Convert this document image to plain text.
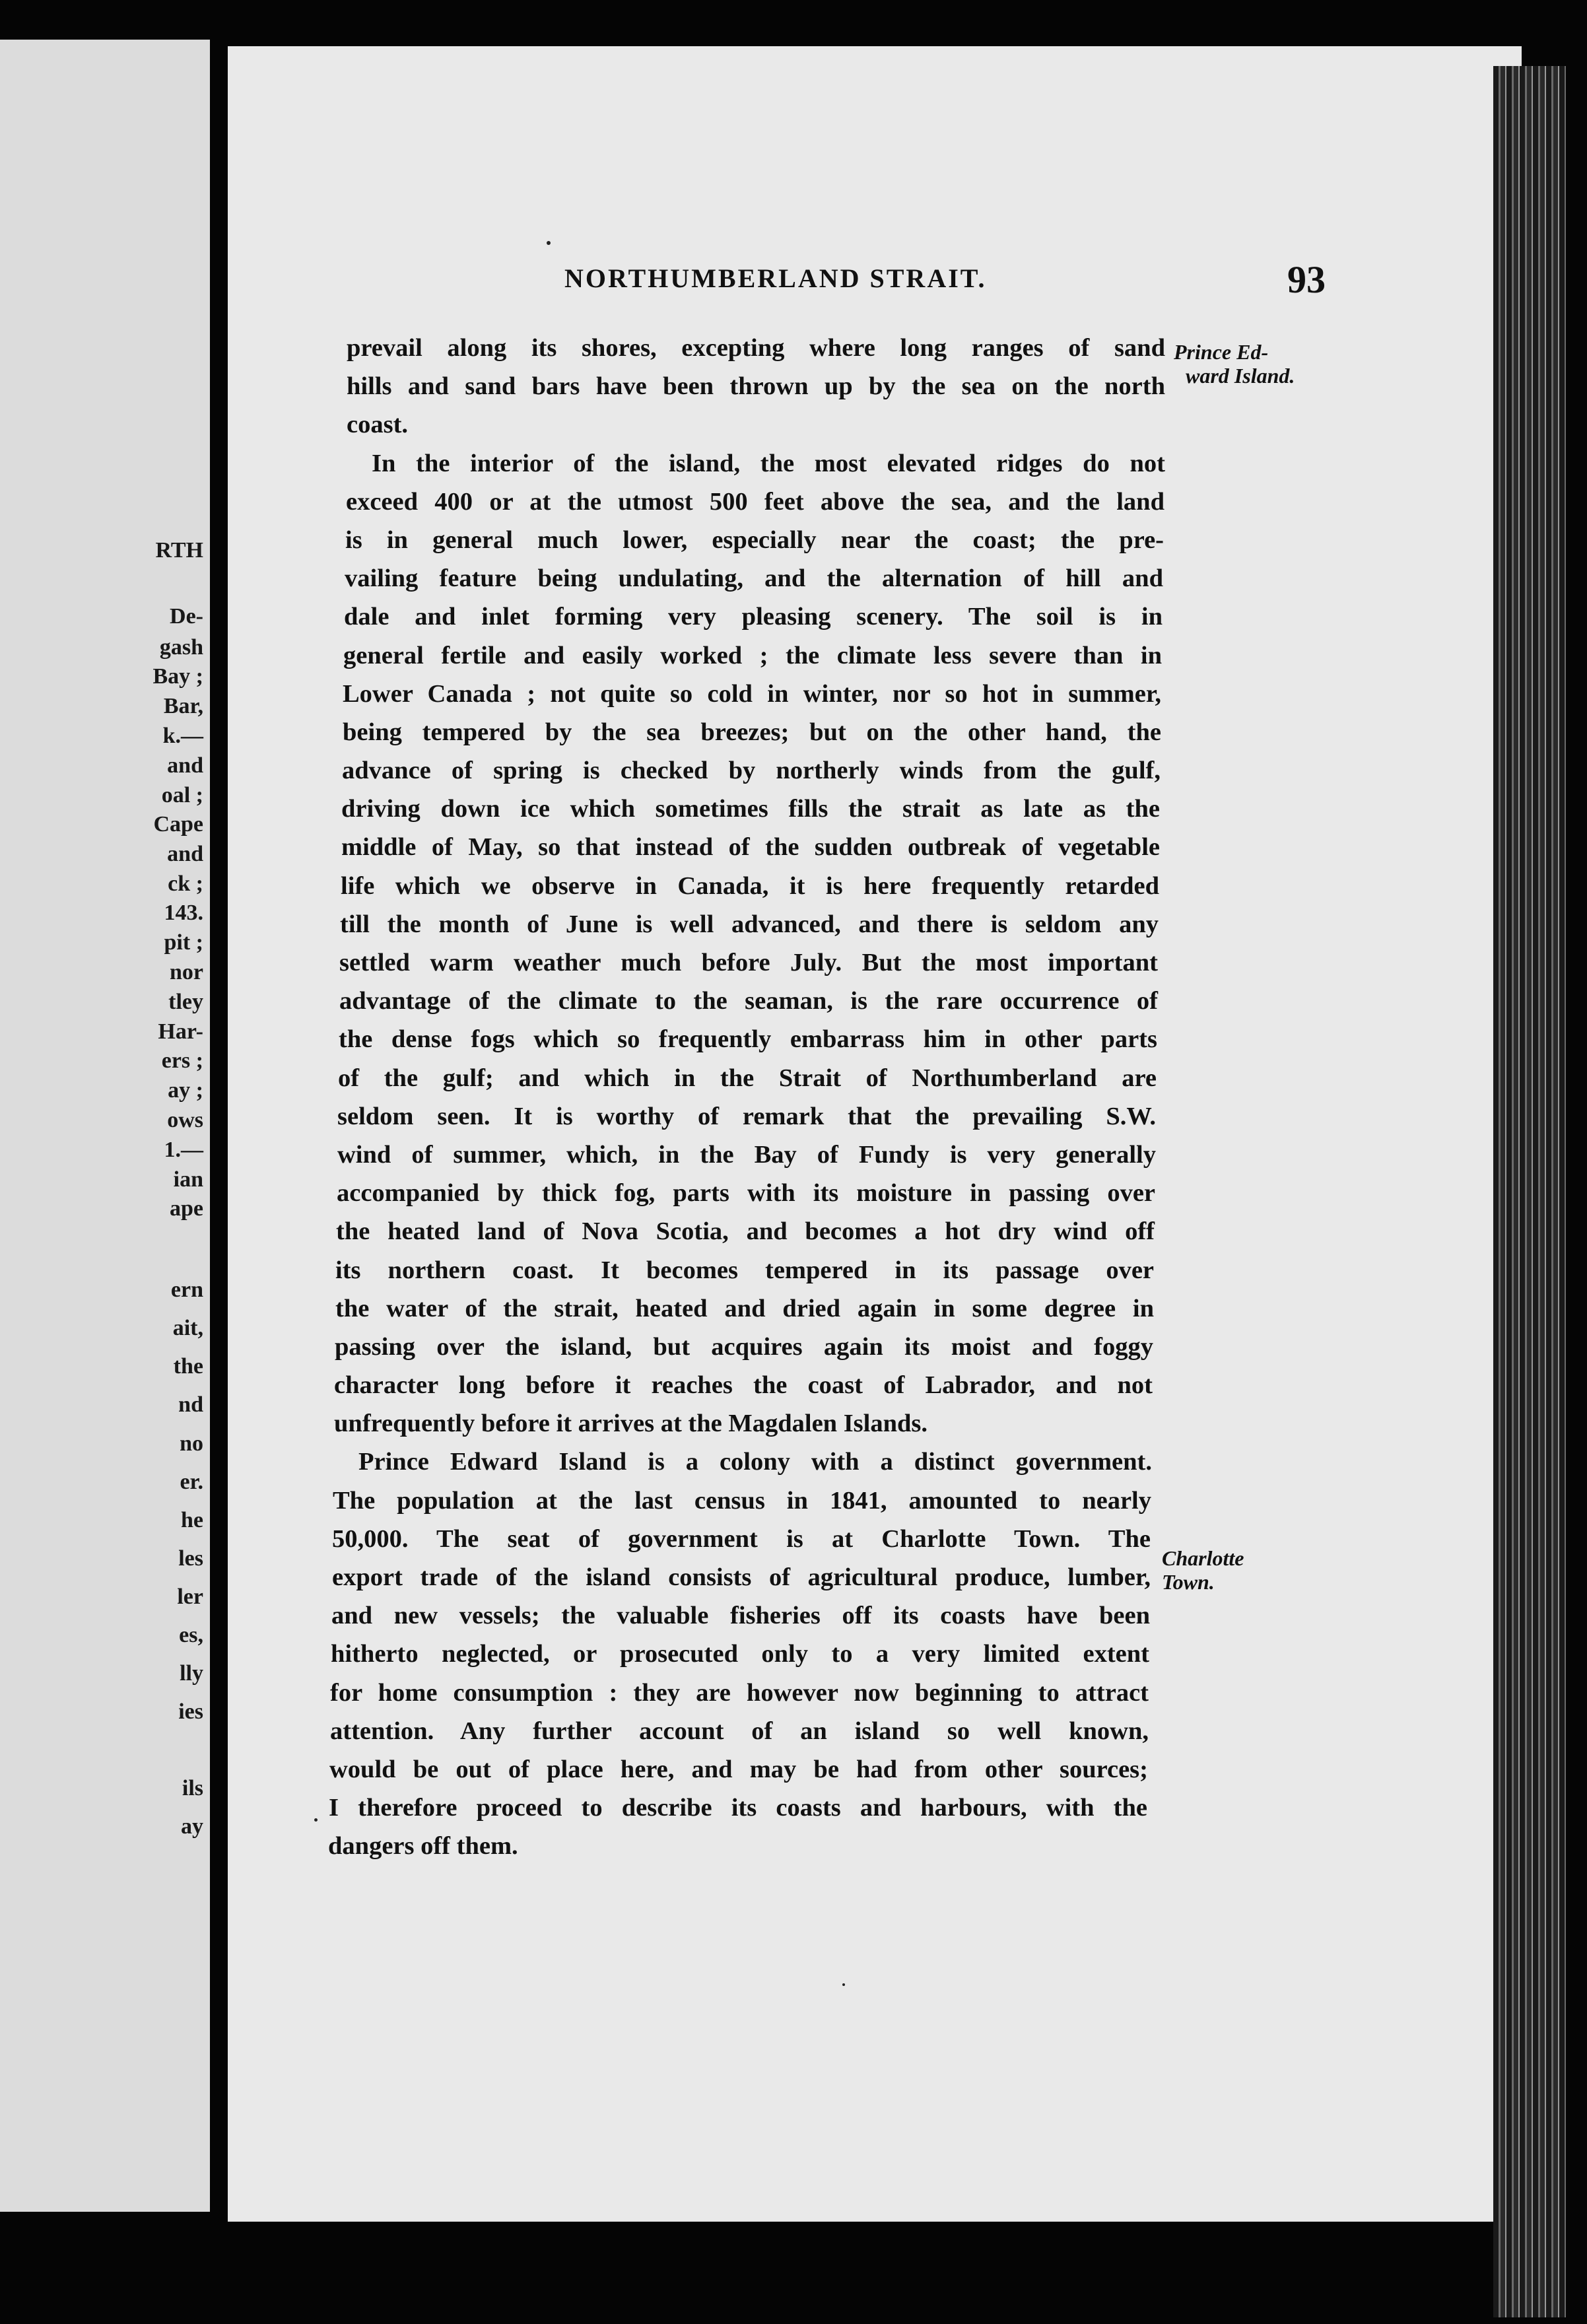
RTH
De-
gash
Bay ;
Bar,
k.—
and
oal ;
Cape
and
ck ;
143.
pit ;
nor
tley
Har-
ers ;
ay ;
ows
1.—
ian
ape
ern
ait,
the
nd
no
er.
he
les
ler
es,
lly
ies
ils
ay
NORTHUMBERLAND STRAIT.	93
Prince Ed-
ward Island.
Charlotte
Town.
prevail along its shores, excepting where long ranges of sand
hills and sand bars have been thrown up by the sea on the north
coast.
In the interior of the island, the most elevated ridges do not
exceed 400 or at the utmost 500 feet above the sea, and the land
is in general much lower, especially near the coast; the pre-
vailing feature being undulating, and the alternation of hill and
dale and inlet forming very pleasing scenery. The soil is in
general fertile and easily worked ; the climate less severe than in
Lower Canada ; not quite so cold in winter, nor so hot in summer,
being tempered by the sea breezes; but on the other hand, the
advance of spring is checked by northerly winds from the gulf,
driving down ice which sometimes fills the strait as late as the
middle of May, so that instead of the sudden outbreak of vegetable
life which we observe in Canada, it is here frequently retarded
till the month of June is well advanced, and there is seldom any
settled warm weather much before July. But the most important
advantage of the climate to the seaman, is the rare occurrence of
the dense fogs which so frequently embarrass him in other parts
of the gulf; and which in the Strait of Northumberland are
seldom seen. It is worthy of remark that the prevailing S.W.
wind of summer, which, in the Bay of Fundy is very generally
accompanied by thick fog, parts with its moisture in passing over
the heated land of Nova Scotia, and becomes a hot dry wind off
its northern coast. It becomes tempered in its passage over
the water of the strait, heated and dried again in some degree in
passing over the island, but acquires again its moist and foggy
character long before it reaches the coast of Labrador, and not
unfrequently before it arrives at the Magdalen Islands.
Prince Edward Island is a colony with a distinct government.
The population at the last census in 1841, amounted to nearly
50,000. The seat of government is at Charlotte Town. The
export trade of the island consists of agricultural produce, lumber,
and new vessels; the valuable fisheries off its coasts have been
hitherto neglected, or prosecuted only to a very limited extent
for home consumption : they are however now beginning to attract
attention. Any further account of an island so well known,
would be out of place here, and may be had from other sources;
I therefore proceed to describe its coasts and harbours, with the
dangers off them.
